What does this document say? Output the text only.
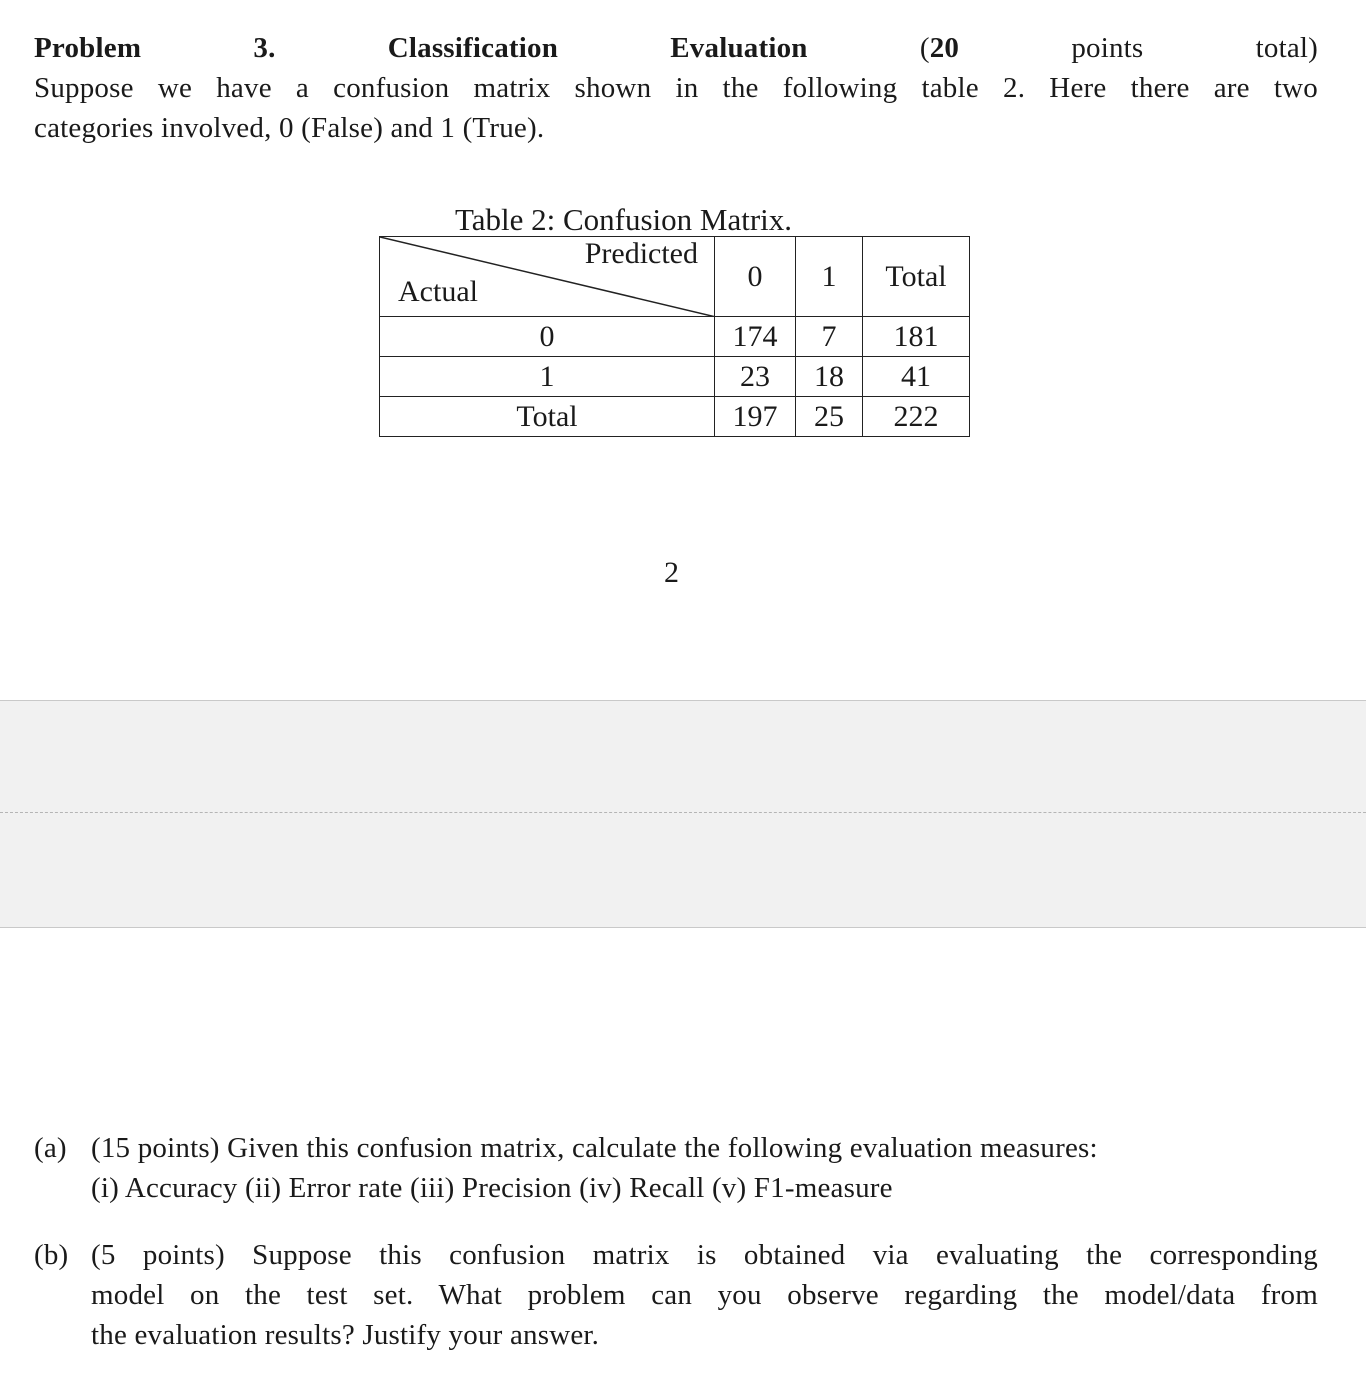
Problem 3. Classification Evaluation	(20	points total)

Suppose we have a confusion matrix shown in the following table 2. Here there are two

categories involved, 0 (False) and 1 (True).

Table 2: Confusion Matrix.
Predicted
Actual	0	1	Total
0	174	7	181
1	23	18	41
Total	197	25	222
2
(a) (15 points) Given this confusion matrix, calculate the following evaluation measures:
(i) Accuracy (ii) Error rate (iii) Precision (iv) Recall (v) F1-measure
(b) (5 points) Suppose this confusion matrix is obtained via evaluating the corresponding
model on the test set. What problem can you observe regarding the model/data from
the evaluation results? Justify your answer.
